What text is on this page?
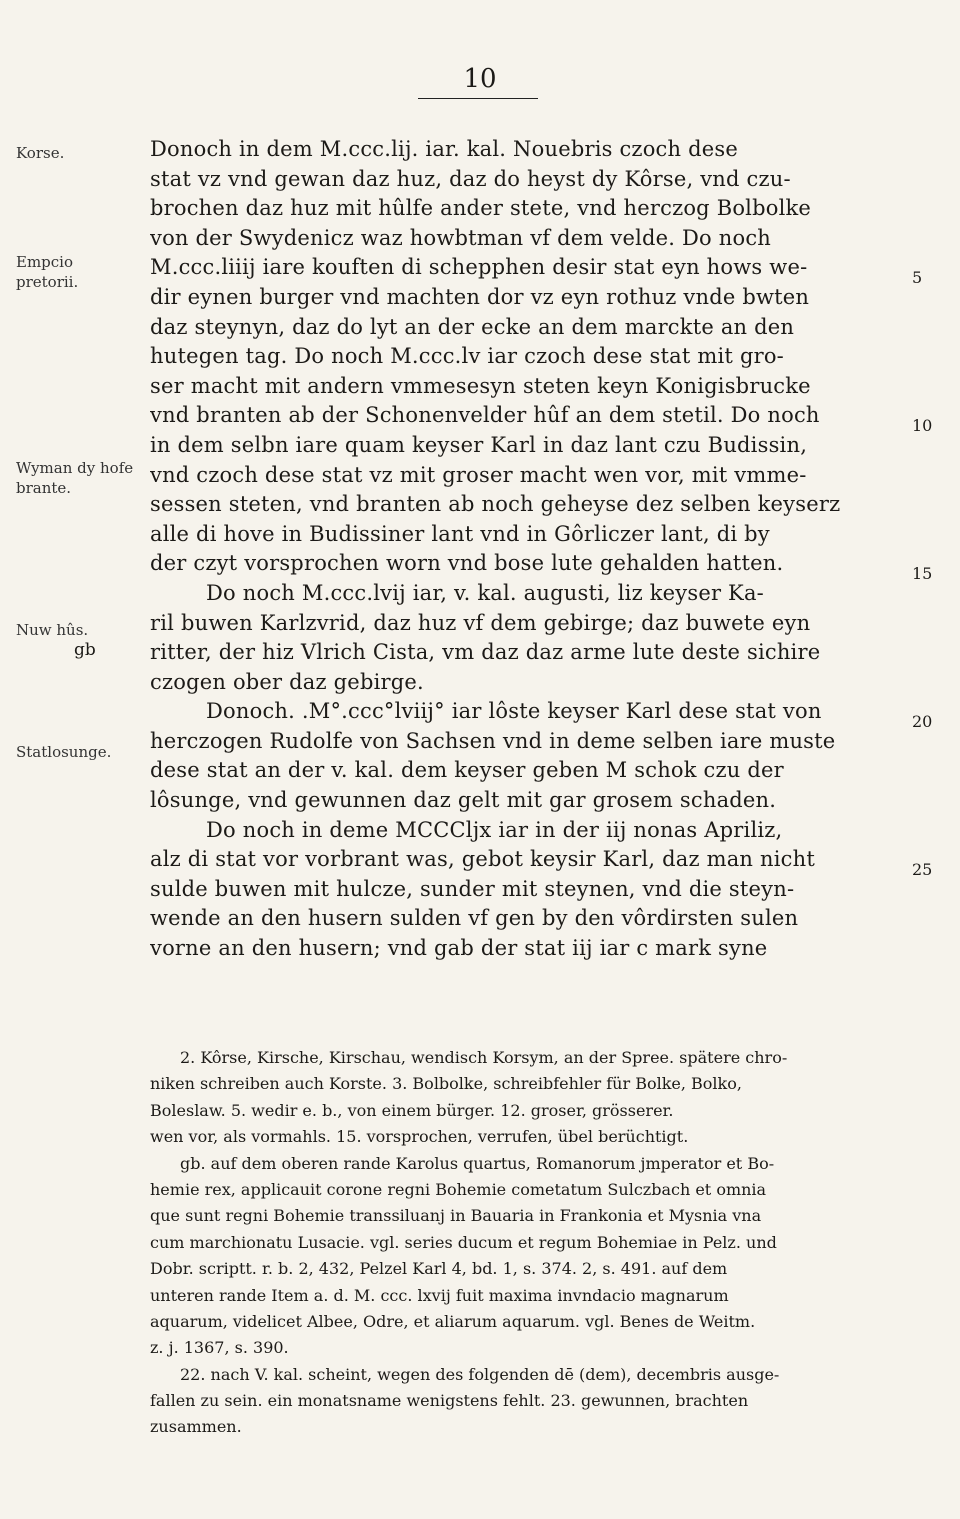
10
Korse.
Empcio pretorii.
Wyman dy hofe brante.
Nuw hûs.
gb
Statlosunge.
Donoch in dem M.ccc.lij. iar. kal. Nouebris czoch dese
stat vz vnd gewan daz huz, daz do heyst dy Kôrse, vnd czu-
brochen daz huz mit hûlfe ander stete, vnd herczog Bolbolke
von der Swydenicz waz howbtman vf dem velde. Do noch
M.ccc.liiij iare kouften di schepphen desir stat eyn hows we-
dir eynen burger vnd machten dor vz eyn rothuz vnde bwten
daz steynyn, daz do lyt an der ecke an dem marckte an den
hutegen tag. Do noch M.ccc.lv iar czoch dese stat mit gro-
ser macht mit andern vmmesesyn steten keyn Konigisbrucke
vnd branten ab der Schonenvelder hûf an dem stetil. Do noch
in dem selbn iare quam keyser Karl in daz lant czu Budissin,
vnd czoch dese stat vz mit groser macht wen vor, mit vmme-
sessen steten, vnd branten ab noch geheyse dez selben keyserz
alle di hove in Budissiner lant vnd in Gôrliczer lant, di by
der czyt vorsprochen worn vnd bose lute gehalden hatten.
Do noch M.ccc.lvij iar, v. kal. augusti, liz keyser Ka-
ril buwen Karlzvrid, daz huz vf dem gebirge; daz buwete eyn
ritter, der hiz Vlrich Cista, vm daz daz arme lute deste sichire
czogen ober daz gebirge.
Donoch. .M°.ccc°lviij° iar lôste keyser Karl dese stat von
herczogen Rudolfe von Sachsen vnd in deme selben iare muste
dese stat an der v. kal. dem keyser geben M schok czu der
lôsunge, vnd gewunnen daz gelt mit gar grosem schaden.
Do noch in deme MCCCljx iar in der iij nonas Apriliz,
alz di stat vor vorbrant was, gebot keysir Karl, daz man nicht
sulde buwen mit hulcze, sunder mit steynen, vnd die steyn-
wende an den husern sulden vf gen by den vôrdirsten sulen
vorne an den husern; vnd gab der stat iij iar c mark syne
5
10
15
20
25
2. Kôrse, Kirsche, Kirschau, wendisch Korsym, an der Spree. spätere chro-
niken schreiben auch Korste. 3. Bolbolke, schreibfehler für Bolke, Bolko,
Boleslaw. 5. wedir e. b., von einem bürger. 12. groser, grösserer.
wen vor, als vormahls. 15. vorsprochen, verrufen, übel berüchtigt.
gb. auf dem oberen rande Karolus quartus, Romanorum jmperator et Bo-
hemie rex, applicauit corone regni Bohemie cometatum Sulczbach et omnia
que sunt regni Bohemie transsiluanj in Bauaria in Frankonia et Mysnia vna
cum marchionatu Lusacie. vgl. series ducum et regum Bohemiae in Pelz. und
Dobr. scriptt. r. b. 2, 432, Pelzel Karl 4, bd. 1, s. 374. 2, s. 491. auf dem
unteren rande Item a. d. M. ccc. lxvij fuit maxima invndacio magnarum
aquarum, videlicet Albee, Odre, et aliarum aquarum. vgl. Benes de Weitm.
z. j. 1367, s. 390.
22. nach V. kal. scheint, wegen des folgenden dē (dem), decembris ausge-
fallen zu sein. ein monatsname wenigstens fehlt. 23. gewunnen, brachten
zusammen.
